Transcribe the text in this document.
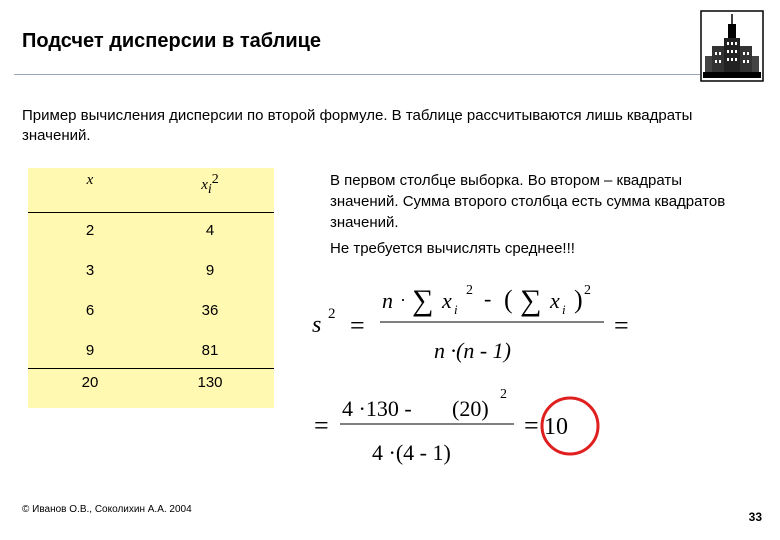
Подсчет дисперсии в таблице
Пример вычисления дисперсии по второй формуле. В таблице рассчитываются лишь квадраты значений.
x	$x_i^2$
2	4
3	9
6	36
9	81
20	130

В первом столбце выборка. Во втором – квадраты значений. Сумма второго столбца есть сумма квадратов значений.

Не требуется вычислять среднее!!!

s 2 =
n · ∑ x i
2 - ( ∑ x i ) 2
n ·(n - 1)
=
=
4 ·130 - (20)
2
4 ·(4 - 1)
= 10
© Иванов О.В., Соколихин А.А. 2004
33
